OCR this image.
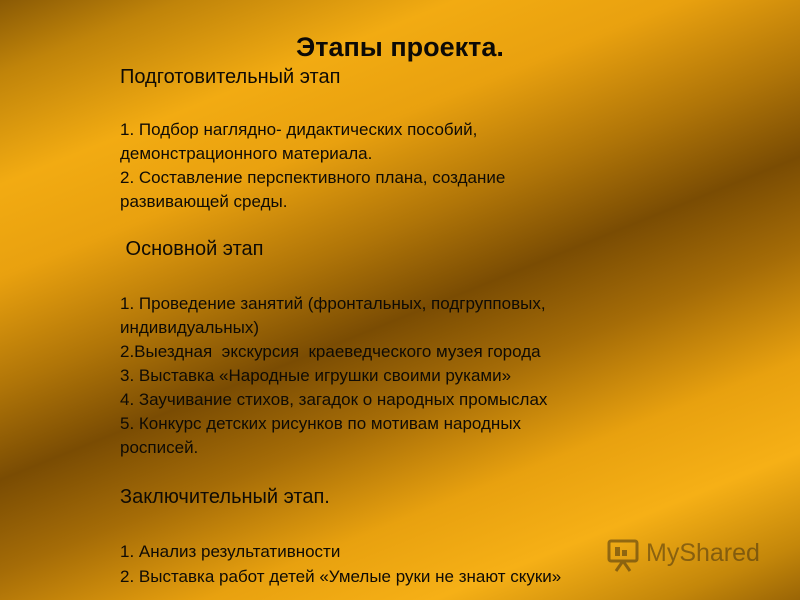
Этапы проекта.

Подготовительный этап

1. Подбор наглядно- дидактических пособий,

демонстрационного материала.

2. Составление перспективного плана, создание

развивающей среды.

Основной этап

1. Проведение занятий (фронтальных, подгрупповых,

индивидуальных)

2.Выездная  экскурсия  краеведческого музея города

3. Выставка «Народные игрушки своими руками»

4. Заучивание стихов, загадок о народных промыслах

5. Конкурс детских рисунков по мотивам народных

росписей.

Заключительный этап.

1. Анализ результативности

2. Выставка работ детей «Умелые руки не знают скуки»

MyShared
